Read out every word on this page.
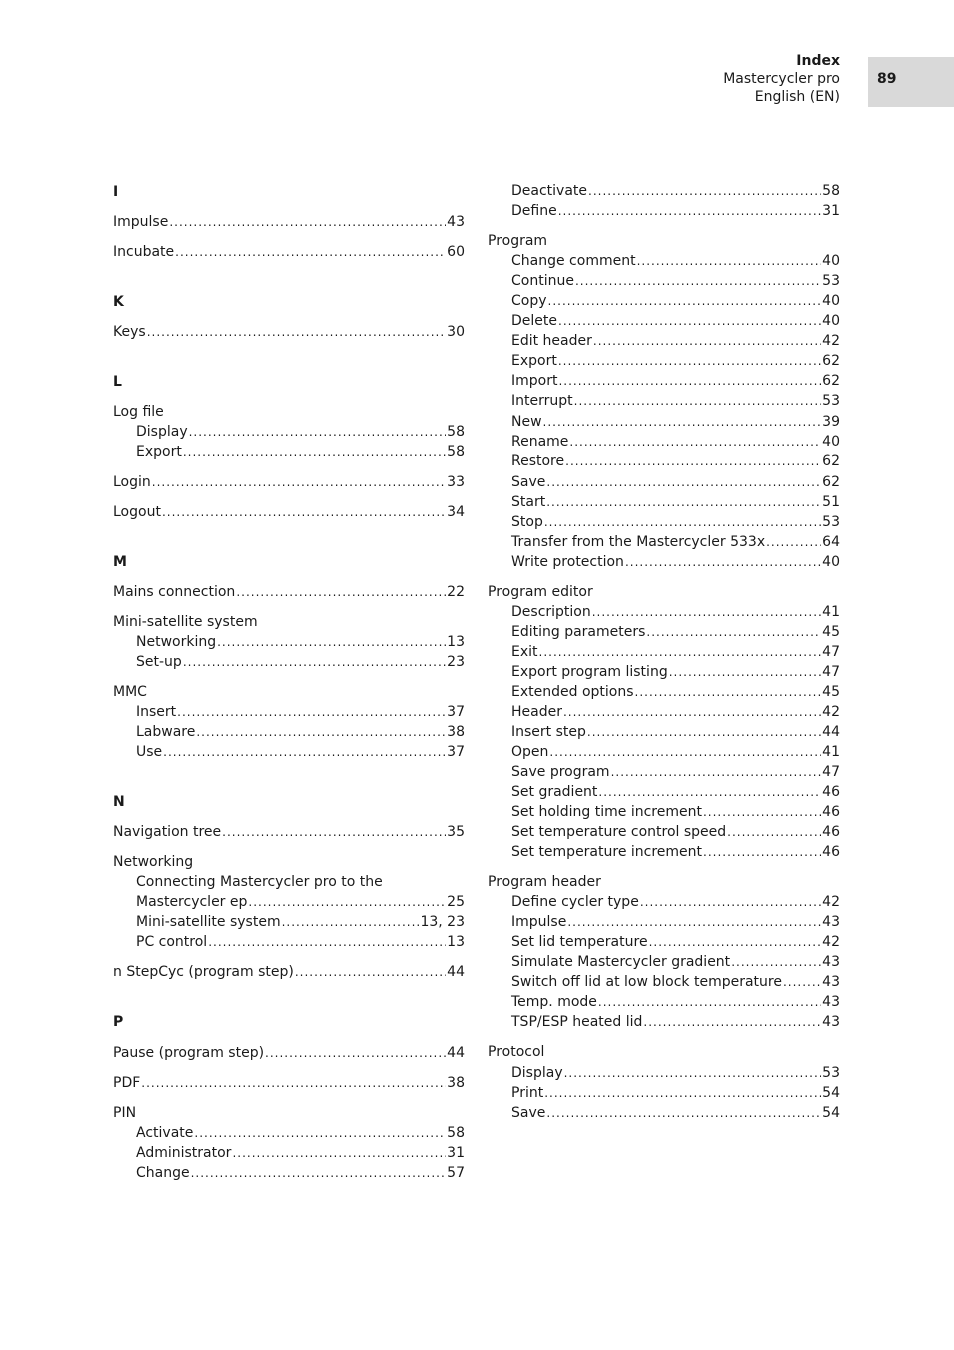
Index
Mastercycler pro
English (EN)
89
I
Impulse .....	43
Incubate .....	60
K
Keys .....	30
L
Log file
Display .....	58
Export .....	58
Login .....	33
Logout .....	34
M
Mains connection .....	22
Mini-satellite system
Networking .....	13
Set-up .....	23
MMC
Insert .....	37
Labware .....	38
Use .....	37
N
Navigation tree .....	35
Networking
Connecting Mastercycler pro to the
Mastercycler ep .....	25
Mini-satellite system .....	13, 23
PC control .....	13
n StepCyc (program step) .....	44
P
Pause (program step) .....	44
PDF .....	38
PIN
Activate .....	58
Administrator .....	31
Change .....	57
Deactivate .....	58
Define .....	31
Program
Change comment .....	40
Continue .....	53
Copy .....	40
Delete .....	40
Edit header .....	42
Export .....	62
Import .....	62
Interrupt .....	53
New .....	39
Rename .....	40
Restore .....	62
Save .....	62
Start .....	51
Stop .....	53
Transfer from the Mastercycler 533x .....	64
Write protection .....	40
Program editor
Description .....	41
Editing parameters .....	45
Exit .....	47
Export program listing .....	47
Extended options .....	45
Header .....	42
Insert step .....	44
Open .....	41
Save program .....	47
Set gradient .....	46
Set holding time increment .....	46
Set temperature control speed .....	46
Set temperature increment .....	46
Program header
Define cycler type .....	42
Impulse .....	43
Set lid temperature .....	42
Simulate Mastercycler gradient .....	43
Switch off lid at low block temperature .....	43
Temp. mode .....	43
TSP/ESP heated lid .....	43
Protocol
Display .....	53
Print .....	54
Save .....	54
